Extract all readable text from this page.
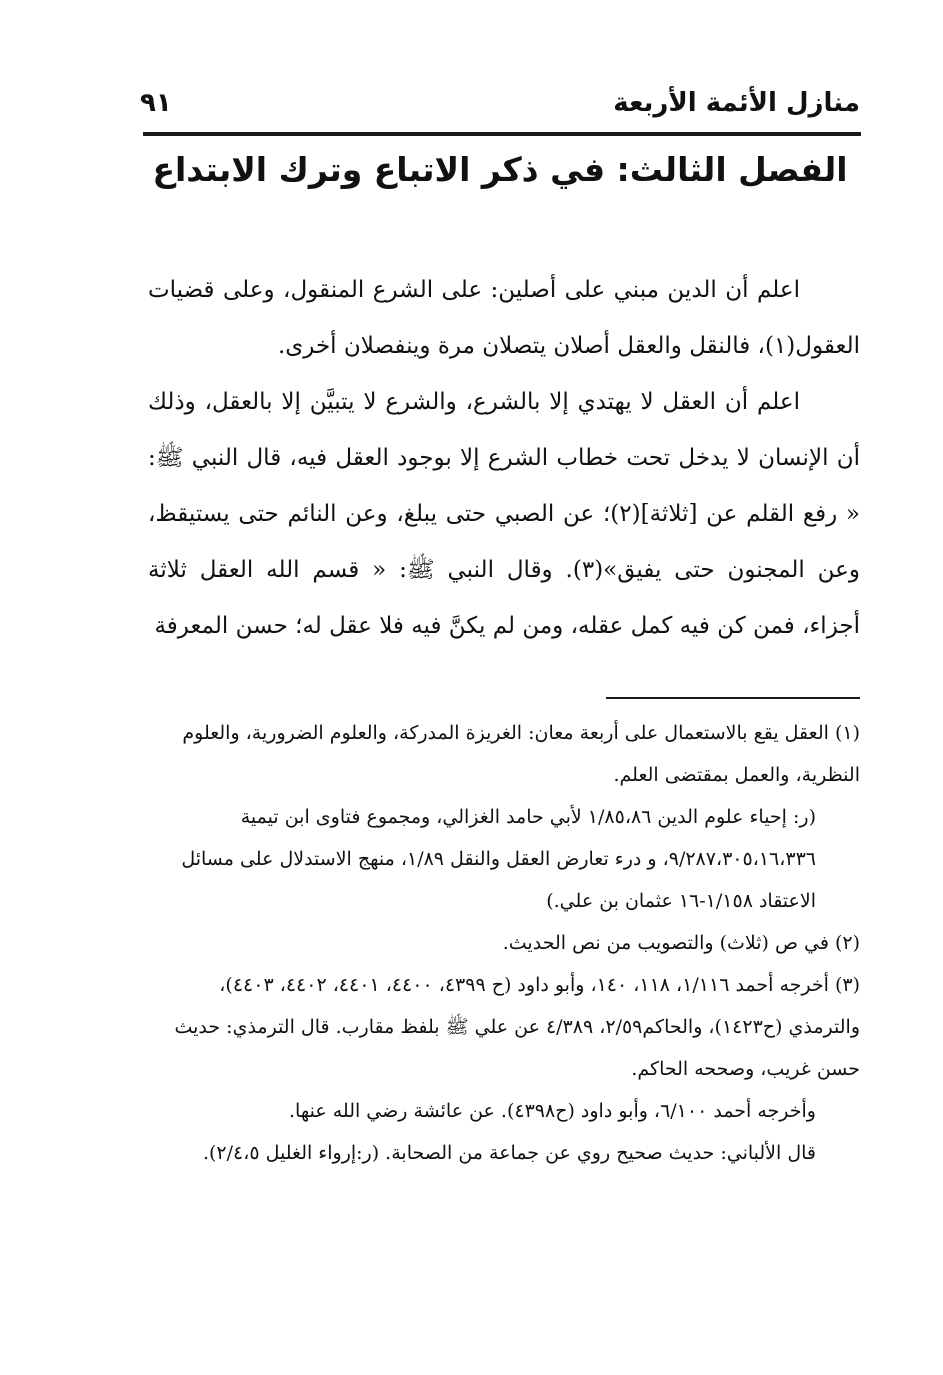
منازل الأئمة الأربعة
٩١
الفصل الثالث: في ذكر الاتباع وترك الابتداع

اعلم أن الدين مبني على أصلين: على الشرع المنقول، وعلى قضيات العقول(١)، فالنقل والعقل أصلان يتصلان مرة وينفصلان أخرى.

اعلم أن العقل لا يهتدي إلا بالشرع، والشرع لا يتبيَّن إلا بالعقل، وذلك أن الإنسان لا يدخل تحت خطاب الشرع إلا بوجود العقل فيه، قال النبي ﷺ: « رفع القلم عن [ثلاثة](٢)؛ عن الصبي حتى يبلغ، وعن النائم حتى يستيقظ، وعن المجنون حتى يفيق»(٣). وقال النبي ﷺ: « قسم الله العقل ثلاثة أجزاء، فمن كن فيه كمل عقله، ومن لم يكنَّ فيه فلا عقل له؛ حسن المعرفة

(١) العقل يقع بالاستعمال على أربعة معان: الغريزة المدركة، والعلوم الضرورية، والعلوم النظرية، والعمل بمقتضى العلم.

(ر: إحياء علوم الدين ١/٨٥،٨٦ لأبي حامد الغزالي، ومجموع فتاوى ابن تيمية ٩/٢٨٧،٣٠٥،١٦،٣٣٦، و درء تعارض العقل والنقل ١/٨٩، منهج الاستدلال على مسائل الاعتقاد ١/١٥٨-١٦ عثمان بن علي.)

(٢) في ص (ثلاث) والتصويب من نص الحديث.

(٣) أخرجه أحمد ١/١١٦، ١١٨، ١٤٠، وأبو داود (ح ٤٣٩٩، ٤٤٠٠، ٤٤٠١، ٤٤٠٢، ٤٤٠٣)، والترمذي (ح١٤٢٣)، والحاكم٢/٥٩، ٤/٣٨٩ عن علي ﷺ بلفظ مقارب. قال الترمذي: حديث حسن غريب، وصححه الحاكم.

وأخرجه أحمد ٦/١٠٠، وأبو داود (ح٤٣٩٨). عن عائشة رضي الله عنها.

قال الألباني: حديث صحيح روي عن جماعة من الصحابة. (ر:إرواء الغليل ٢/٤،٥).
